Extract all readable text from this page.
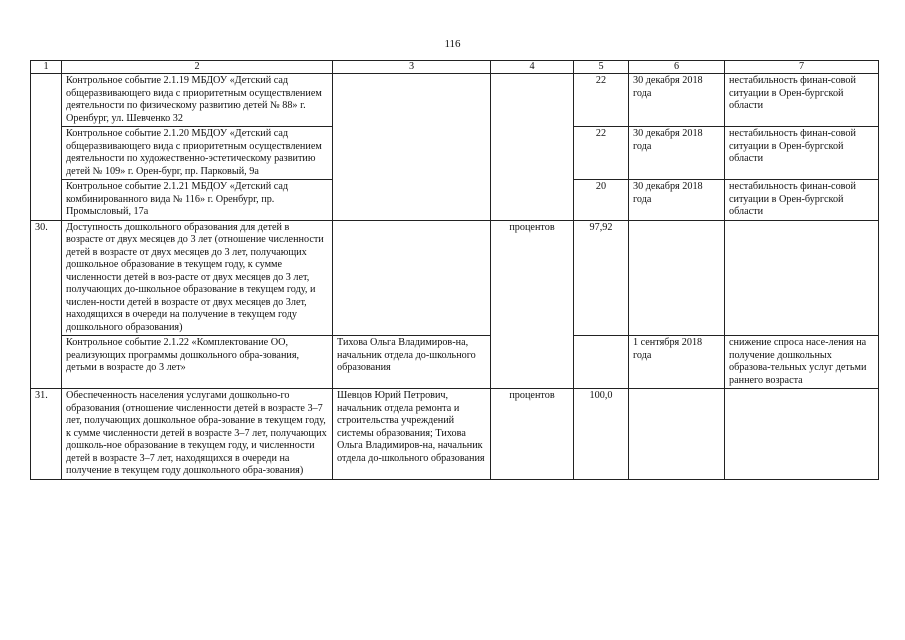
116
1	2	3	4	5	6	7
	Контрольное событие 2.1.19 МБДОУ «Детский сад общеразвивающего вида с приоритетным осуществлением деятельности по физическому развитию детей № 88» г. Оренбург, ул. Шевченко 32			22	30 декабря 2018 года	нестабильность финан-совой ситуации в Орен-бургской области
	Контрольное событие 2.1.20 МБДОУ «Детский сад общеразвивающего вида с приоритетным осуществлением деятельности по художественно-эстетическому развитию детей № 109» г. Орен-бург, пр. Парковый, 9а			22	30 декабря 2018 года	нестабильность финан-совой ситуации в Орен-бургской области
	Контрольное событие 2.1.21 МБДОУ «Детский сад комбинированного вида № 116» г. Оренбург, пр. Промысловый, 17а			20	30 декабря 2018 года	нестабильность финан-совой ситуации в Орен-бургской области
30.	Доступность дошкольного образования для детей в возрасте от двух месяцев до 3 лет (отношение численности детей в возрасте от двух месяцев до 3 лет, получающих дошкольное образование в текущем году, к сумме численности детей в воз-расте от двух месяцев до 3 лет, получающих до-школьное образование в текущем году, и числен-ности детей в возрасте от двух месяцев до 3лет, находящихся в очереди на получение в текущем году дошкольного образования)		процентов	97,92		
	Контрольное событие 2.1.22 «Комплектование ОО, реализующих программы дошкольного обра-зования, детьми в возрасте до 3 лет»	Тихова Ольга Владимиров-на, начальник отдела до-школьного образования			1 сентября 2018 года	снижение спроса насе-ления на получение дошкольных образова-тельных услуг детьми раннего возраста
31.	Обеспеченность населения услугами дошкольно-го образования (отношение численности детей в возрасте 3–7 лет, получающих дошкольное обра-зование в текущем году, к сумме численности детей в возрасте 3–7 лет, получающих дошколь-ное образование в текущем году, и численности детей в возрасте 3–7 лет, находящихся в очереди на получение в текущем году дошкольного обра-зования)	Шевцов Юрий Петрович, начальник отдела ремонта и строительства учреждений системы образования; Тихова Ольга Владимиров-на, начальник отдела до-школьного образования	процентов	100,0		
